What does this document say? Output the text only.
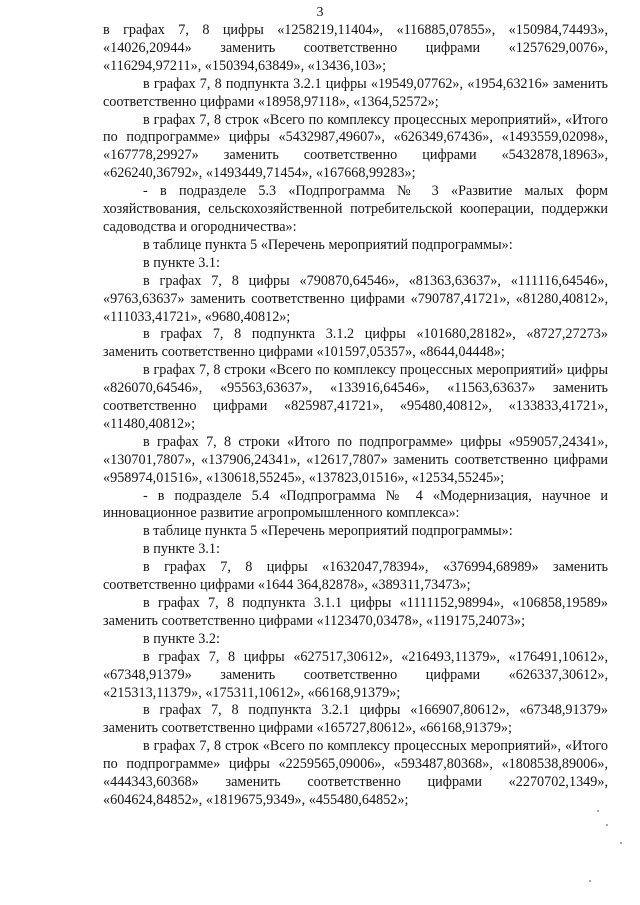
3

в графах 7, 8 цифры «1258219,11404», «116885,07855», «150984,74493», «14026,20944» заменить соответственно цифрами «1257629,0076», «116294,97211», «150394,63849», «13436,103»;

в графах 7, 8 подпункта 3.2.1 цифры «19549,07762», «1954,63216» заменить соответственно цифрами «18958,97118», «1364,52572»;

в графах 7, 8 строк «Всего по комплексу процессных мероприятий», «Итого по подпрограмме» цифры «5432987,49607», «626349,67436», «1493559,02098», «167778,29927» заменить соответственно цифрами «5432878,18963», «626240,36792», «1493449,71454», «167668,99283»;

- в подразделе 5.3 «Подпрограмма № 3 «Развитие малых форм хозяйствования, сельскохозяйственной потребительской кооперации, поддержки садоводства и огородничества»:

в таблице пункта 5 «Перечень мероприятий подпрограммы»:

в пункте 3.1:

в графах 7, 8 цифры «790870,64546», «81363,63637», «111116,64546», «9763,63637» заменить соответственно цифрами «790787,41721», «81280,40812», «111033,41721», «9680,40812»;

в графах 7, 8 подпункта 3.1.2 цифры «101680,28182», «8727,27273» заменить соответственно цифрами «101597,05357», «8644,04448»;

в графах 7, 8 строки «Всего по комплексу процессных мероприятий» цифры «826070,64546», «95563,63637», «133916,64546», «11563,63637» заменить соответственно цифрами «825987,41721», «95480,40812», «133833,41721», «11480,40812»;

в графах 7, 8 строки «Итого по подпрограмме» цифры «959057,24341», «130701,7807», «137906,24341», «12617,7807» заменить соответственно цифрами «958974,01516», «130618,55245», «137823,01516», «12534,55245»;

- в подразделе 5.4 «Подпрограмма № 4 «Модернизация, научное и инновационное развитие агропромышленного комплекса»:

в таблице пункта 5 «Перечень мероприятий подпрограммы»:

в пункте 3.1:

в графах 7, 8 цифры «1632047,78394», «376994,68989» заменить соответственно цифрами «1644 364,82878», «389311,73473»;

в графах 7, 8 подпункта 3.1.1 цифры «1111152,98994», «106858,19589» заменить соответственно цифрами «1123470,03478», «119175,24073»;

в пункте 3.2:

в графах 7, 8 цифры «627517,30612», «216493,11379», «176491,10612», «67348,91379» заменить соответственно цифрами «626337,30612», «215313,11379», «175311,10612», «66168,91379»;

в графах 7, 8 подпункта 3.2.1 цифры «166907,80612», «67348,91379» заменить соответственно цифрами «165727,80612», «66168,91379»;

в графах 7, 8 строк «Всего по комплексу процессных мероприятий», «Итого по подпрограмме» цифры «2259565,09006», «593487,80368», «1808538,89006», «444343,60368» заменить соответственно цифрами «2270702,1349», «604624,84852», «1819675,9349», «455480,64852»;
